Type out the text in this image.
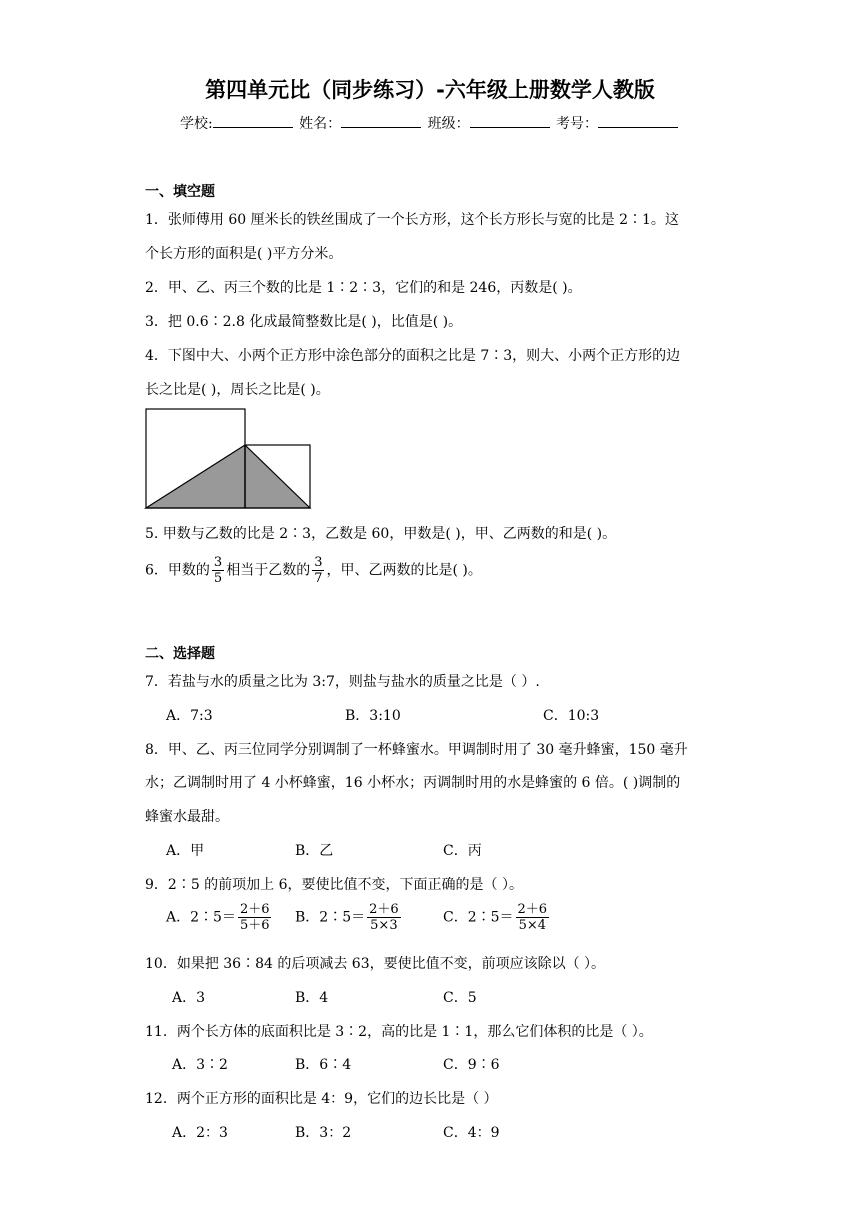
第四单元比（同步练习）-六年级上册数学人教版
学校:	姓名：	班级：	考号：
一、填空题
1．张师傅用 60 厘米长的铁丝围成了一个长方形，这个长方形长与宽的比是 2∶1。这
个长方形的面积是( )平方分米。
2．甲、乙、丙三个数的比是 1∶2∶3，它们的和是 246，丙数是( )。
3．把 0.6∶2.8 化成最简整数比是( )，比值是( )。
4．下图中大、小两个正方形中涂色部分的面积之比是 7∶3，则大、小两个正方形的边
长之比是( )，周长之比是( )。
5. 甲数与乙数的比是 2∶3，乙数是 60，甲数是( )，甲、乙两数的和是( )。
6．甲数的 $\frac{3}{5}$ 相当于乙数的 $\frac{3}{7}$ ，甲、乙两数的比是( )。
二、选择题
7．若盐与水的质量之比为 3:7，则盐与盐水的质量之比是（ ）.
A．7:3	B．3:10	C．10:3
8．甲、乙、丙三位同学分别调制了一杯蜂蜜水。甲调制时用了 30 毫升蜂蜜，150 毫升
水；乙调制时用了 4 小杯蜂蜜，16 小杯水；丙调制时用的水是蜂蜜的 6 倍。( )调制的
蜂蜜水最甜。
A．甲	B．乙	C．丙
9．2∶5 的前项加上 6，要使比值不变，下面正确的是（ ）。
A．2∶5＝ $\frac{2+6}{5+6}$ B．2∶5＝ $\frac{2+6}{5\times 3}$	C．2∶5＝ $\frac{2+6}{5\times 4}$
10．如果把 36∶84 的后项减去 63，要使比值不变，前项应该除以（ ）。
A．3	B．4	C．5
11．两个长方体的底面积比是 3∶2，高的比是 1∶1，那么它们体积的比是（ ）。
A．3∶2	B．6∶4	C．9∶6
12．两个正方形的面积比是 4：9，它们的边长比是（ ）
A．2：3	B．3：2	C．4：9
